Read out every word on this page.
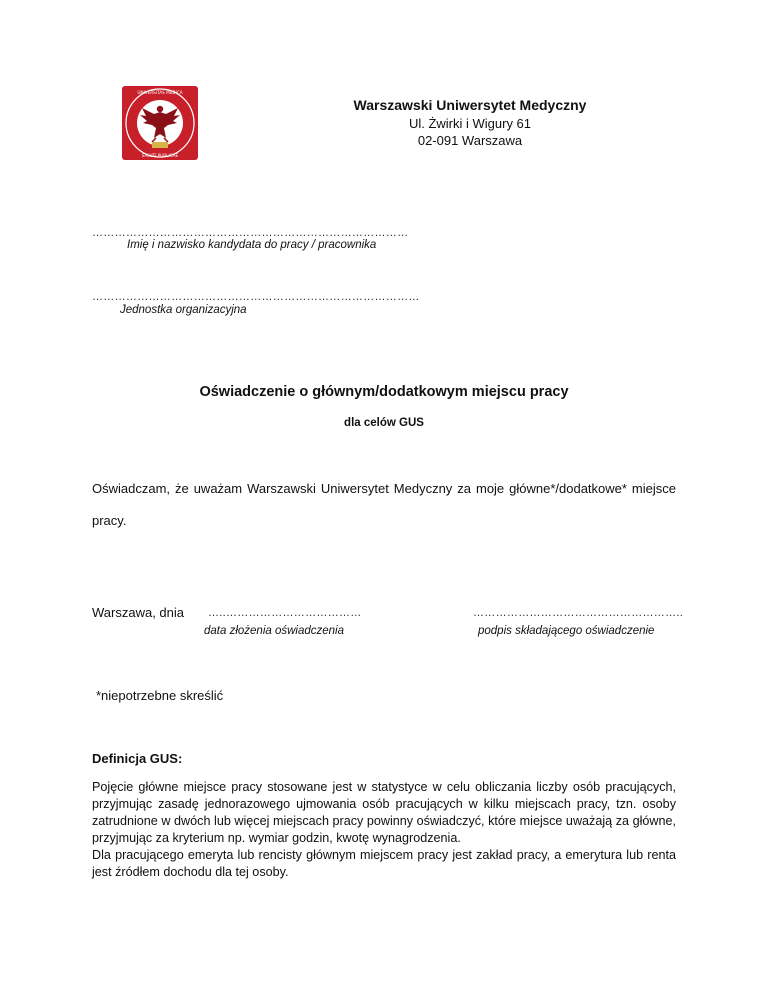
UNIVERSITAS MEDICA
SALUTI PUBLICAE
Warszawski Uniwersytet Medyczny
Ul. Żwirki i Wigury 61
02-091 Warszawa
…………………………………………………………………………
Imię i nazwisko kandydata do pracy / pracownika
……………………………………………………………………………
Jednostka organizacyjna
Oświadczenie o głównym/dodatkowym miejscu pracy
dla celów GUS
Oświadczam, że uważam Warszawski Uniwersytet Medyczny za moje główne*/dodatkowe* miejsce
pracy.
Warszawa, dnia …..………………………………
data złożenia oświadczenia
………………………………………………..
podpis składającego oświadczenie
*niepotrzebne skreślić
Definicja GUS:

Pojęcie główne miejsce pracy stosowane jest w statystyce w celu obliczania liczby osób pracujących, przyjmując zasadę jednorazowego ujmowania osób pracujących w kilku miejscach pracy, tzn. osoby zatrudnione w dwóch lub więcej miejscach pracy powinny oświadczyć, które miejsce uważają za główne, przyjmując za kryterium np. wymiar godzin, kwotę wynagrodzenia.

Dla pracującego emeryta lub rencisty głównym miejscem pracy jest zakład pracy, a emerytura lub renta jest źródłem dochodu dla tej osoby.
